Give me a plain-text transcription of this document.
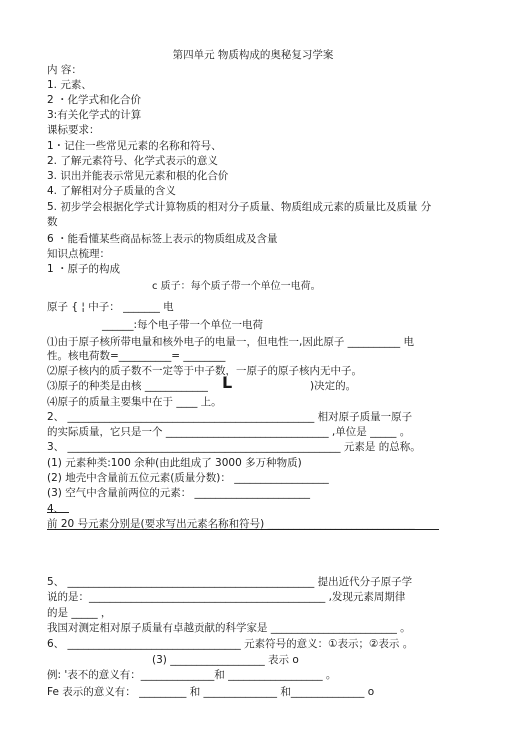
第四单元 物质构成的奥秘复习学案
内 容：
1. 元素、
2 ・化学式和化合价
3:有关化学式的计算
课标要求：
1・记住一些常见元素的名称和符号、
2. 了解元素符号、化学式表示的意义
3. 识出并能表示常见元素和根的化合价
4. 了解相对分子质量的含义
5. 初步学会根据化学式计算物质的相对分子质量、物质组成元素的质量比及质量 分
数
6 ・能看懂某些商品标签上表示的物质组成及含量
知识点梳理：
1 ・原子的构成
c 质子：每个质子带一个单位一电荷。
原子 { ¦ 中子： _______ 电
______:每个电子带一个单位一电荷
⑴由于原子核所带电量和核外电子的电量一，但电性一,因此原子 __________ 电
性。核电荷数=__________= ________
⑵原子核内的质子数不一定等于中子数，一原子的原子核内无中子。
⑶原子的种类是由核 ____________ L	)决定的。
⑷原子的质量主要集中在于 ____ 上。
2、 _______________________________________________ 相对原子质量一原子
的实际质量，它只是一个 _______________________________ ,单位是 _____ 。
3、 ____________________________________________________ 元素是 的总称。
(1) 元素种类:100 余种(由此组成了 3000 多万种物质)
(2) 地壳中含量前五位元素(质量分数)： __________________
(3) 空气中含量前两位的元素： ______________________
4、
前 20 号元素分别是(要求写出元素名称和符号) ____________________________
5、 _______________________________________________ 提出近代分子原子学
说的是：_____________________________________________ ,发现元素周期律
的是 _____ ，
我国对测定相对原子质量有卓越贡献的科学家是 ________________________ 。
6、 _________________________________ 元素符号的意义：①表示；②表示 。
(3) __________________ 表示 o
例: '表不的意义有：______________和 __________________ 。
Fe 表示的意义有： _________ 和 ______________ 和______________ o
